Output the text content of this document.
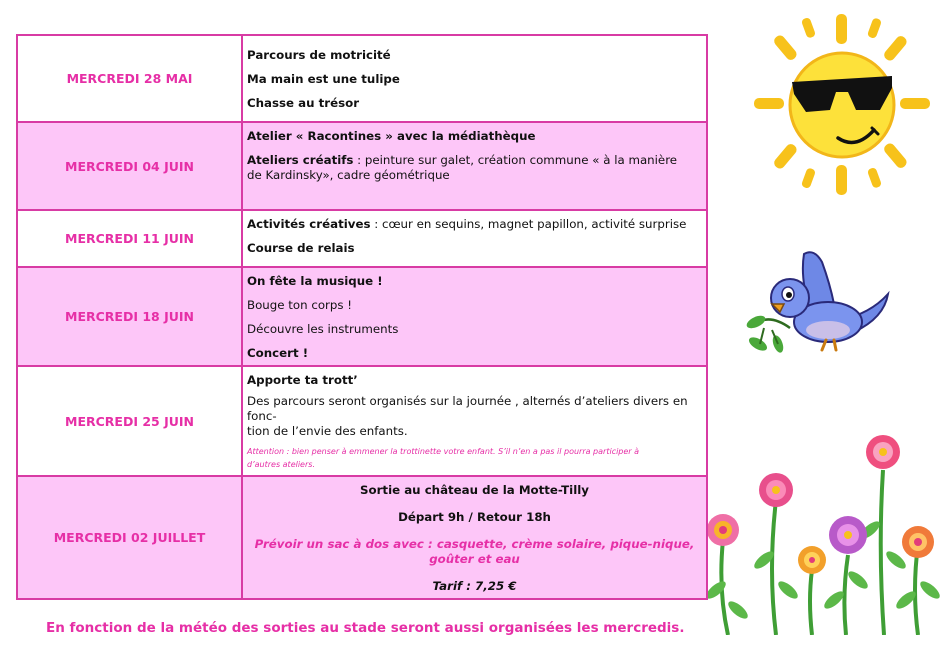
MERCREDI 28 MAI	Parcours de motricité

Ma main est une tulipe

Chasse au trésor

MERCREDI 04 JUIN	Atelier « Racontines » avec la médiathèque

Ateliers créatifs : peinture sur galet, création commune « à la manière

de Kardinsky», cadre géométrique

MERCREDI 11 JUIN	Activités créatives : cœur en sequins, magnet papillon, activité surprise

Course de relais

MERCREDI 18 JUIN	On fête la musique !

Bouge ton corps !

Découvre les instruments

Concert !

MERCREDI 25 JUIN	Apporte ta trott’

Des parcours seront organisés sur la journée , alternés d’ateliers divers en fonc-

tion de l’envie des enfants.

Attention : bien penser à emmener la trottinette votre enfant. S’il n’en a pas il pourra participer à
d’autres ateliers.

MERCREDI 02 JUILLET	Sortie au château de la Motte-Tilly

Départ 9h / Retour 18h

Prévoir un sac à dos avec : casquette, crème solaire, pique-nique, goûter et eau

Tarif : 7,25 €

En fonction de la météo des sorties au stade seront aussi organisées les mercredis.
